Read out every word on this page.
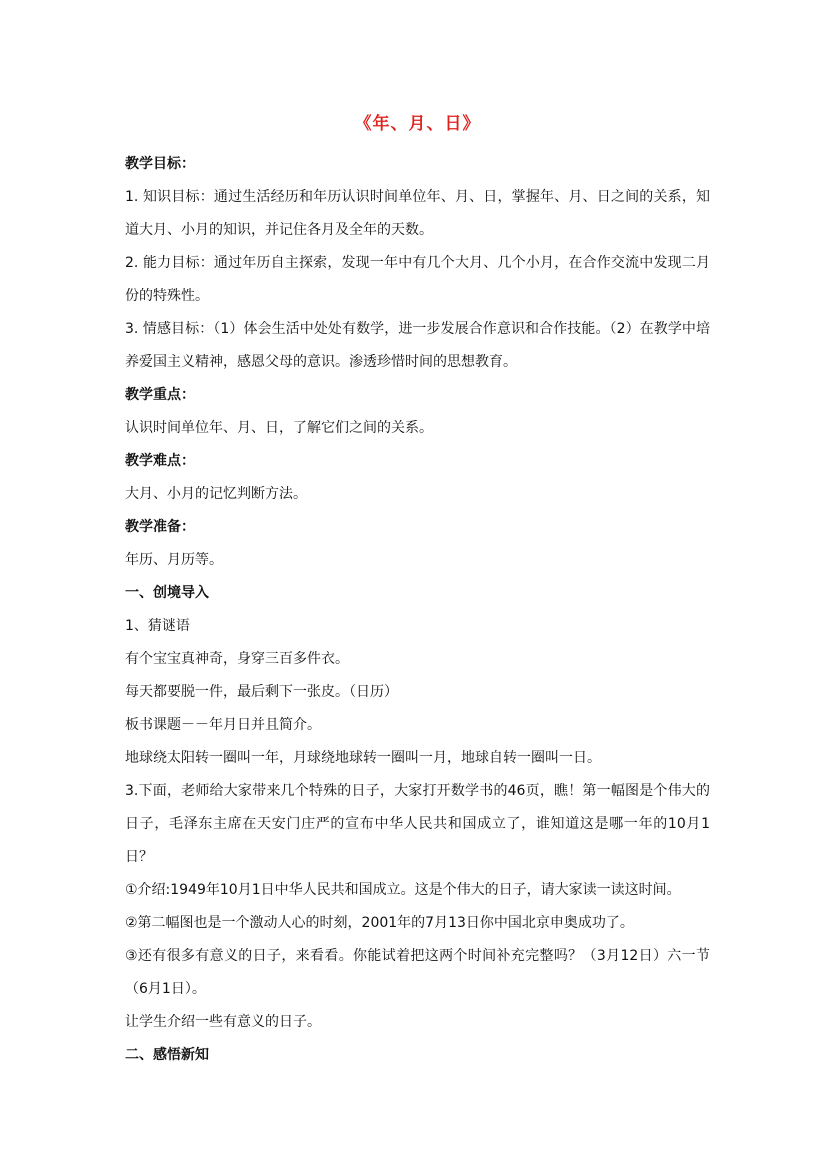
《年、月、日》
教学目标：
1. 知识目标：通过生活经历和年历认识时间单位年、月、日，掌握年、月、日之间的关系，知道大月、小月的知识，并记住各月及全年的天数。
2. 能力目标：通过年历自主探索，发现一年中有几个大月、几个小月，在合作交流中发现二月份的特殊性。
3. 情感目标：（1）体会生活中处处有数学，进一步发展合作意识和合作技能。（2）在教学中培养爱国主义精神，感恩父母的意识。渗透珍惜时间的思想教育。
教学重点：
认识时间单位年、月、日，了解它们之间的关系。
教学难点：
大月、小月的记忆判断方法。
教学准备：
年历、月历等。
一、创境导入
1、猜谜语
有个宝宝真神奇，身穿三百多件衣。
每天都要脱一件，最后剩下一张皮。（日历）
板书课题－－年月日并且简介。
地球绕太阳转一圈叫一年，月球绕地球转一圈叫一月，地球自转一圈叫一日。
3.下面，老师给大家带来几个特殊的日子，大家打开数学书的46页，瞧！第一幅图是个伟大的日子，毛泽东主席在天安门庄严的宣布中华人民共和国成立了，谁知道这是哪一年的10月1日？
①介绍:1949年10月1日中华人民共和国成立。这是个伟大的日子，请大家读一读这时间。
②第二幅图也是一个激动人心的时刻，2001年的7月13日你中国北京申奥成功了。
③还有很多有意义的日子，来看看。你能试着把这两个时间补充完整吗？（3月12日）六一节（6月1日）。
让学生介绍一些有意义的日子。
二、感悟新知
